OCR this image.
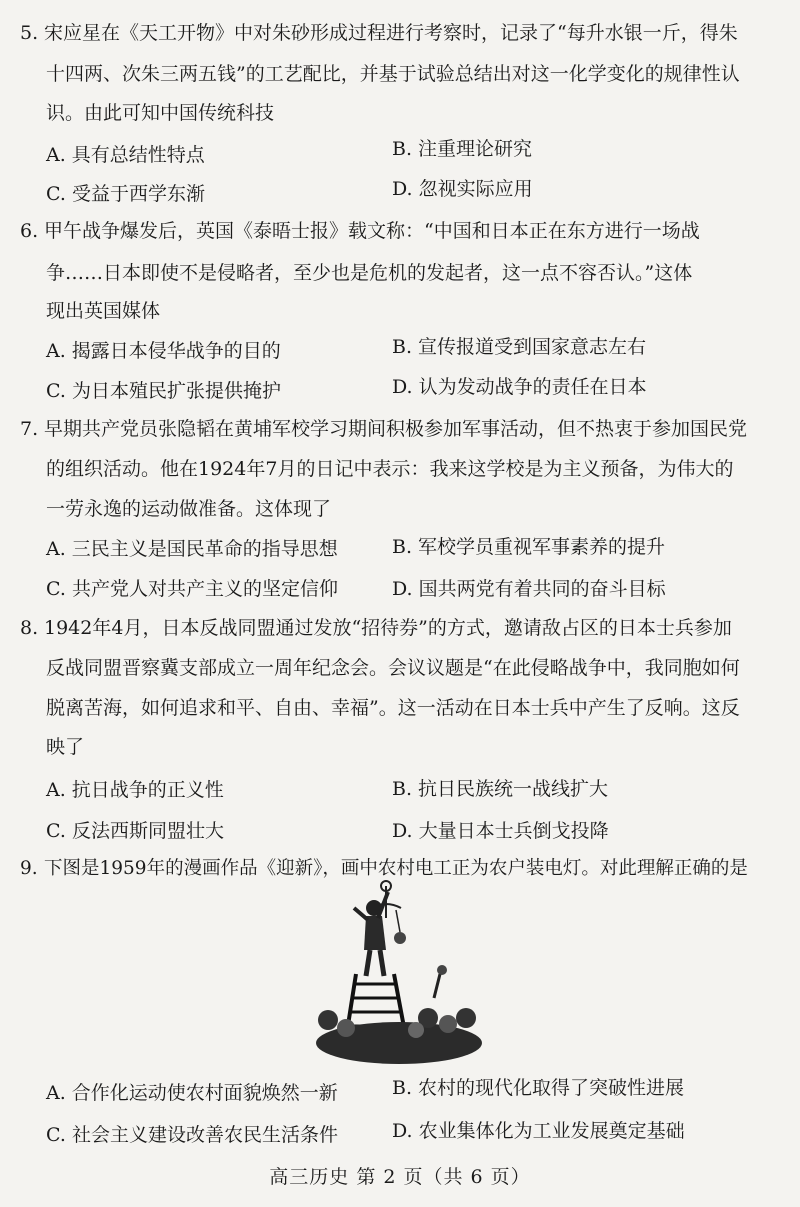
5. 宋应星在《天工开物》中对朱砂形成过程进行考察时，记录了“每升水银一斤，得朱
十四两、次朱三两五钱”的工艺配比，并基于试验总结出对这一化学变化的规律性认
识。由此可知中国传统科技
A. 具有总结性特点	B. 注重理论研究
C. 受益于西学东渐	D. 忽视实际应用
6. 甲午战争爆发后，英国《泰晤士报》载文称：“中国和日本正在东方进行一场战
争……日本即使不是侵略者，至少也是危机的发起者，这一点不容否认。”这体
现出英国媒体
A. 揭露日本侵华战争的目的	B. 宣传报道受到国家意志左右
C. 为日本殖民扩张提供掩护	D. 认为发动战争的责任在日本
7. 早期共产党员张隐韬在黄埔军校学习期间积极参加军事活动，但不热衷于参加国民党
的组织活动。他在1924年7月的日记中表示：我来这学校是为主义预备，为伟大的
一劳永逸的运动做准备。这体现了
A. 三民主义是国民革命的指导思想	B. 军校学员重视军事素养的提升
C. 共产党人对共产主义的坚定信仰	D. 国共两党有着共同的奋斗目标
8. 1942年4月，日本反战同盟通过发放“招待券”的方式，邀请敌占区的日本士兵参加
反战同盟晋察冀支部成立一周年纪念会。会议议题是“在此侵略战争中，我同胞如何
脱离苦海，如何追求和平、自由、幸福”。这一活动在日本士兵中产生了反响。这反
映了
A. 抗日战争的正义性	B. 抗日民族统一战线扩大
C. 反法西斯同盟壮大	D. 大量日本士兵倒戈投降
9. 下图是1959年的漫画作品《迎新》，画中农村电工正为农户装电灯。对此理解正确的是
A. 合作化运动使农村面貌焕然一新	B. 农村的现代化取得了突破性进展
C. 社会主义建设改善农民生活条件	D. 农业集体化为工业发展奠定基础
高三历史 第 2 页（共 6 页）
